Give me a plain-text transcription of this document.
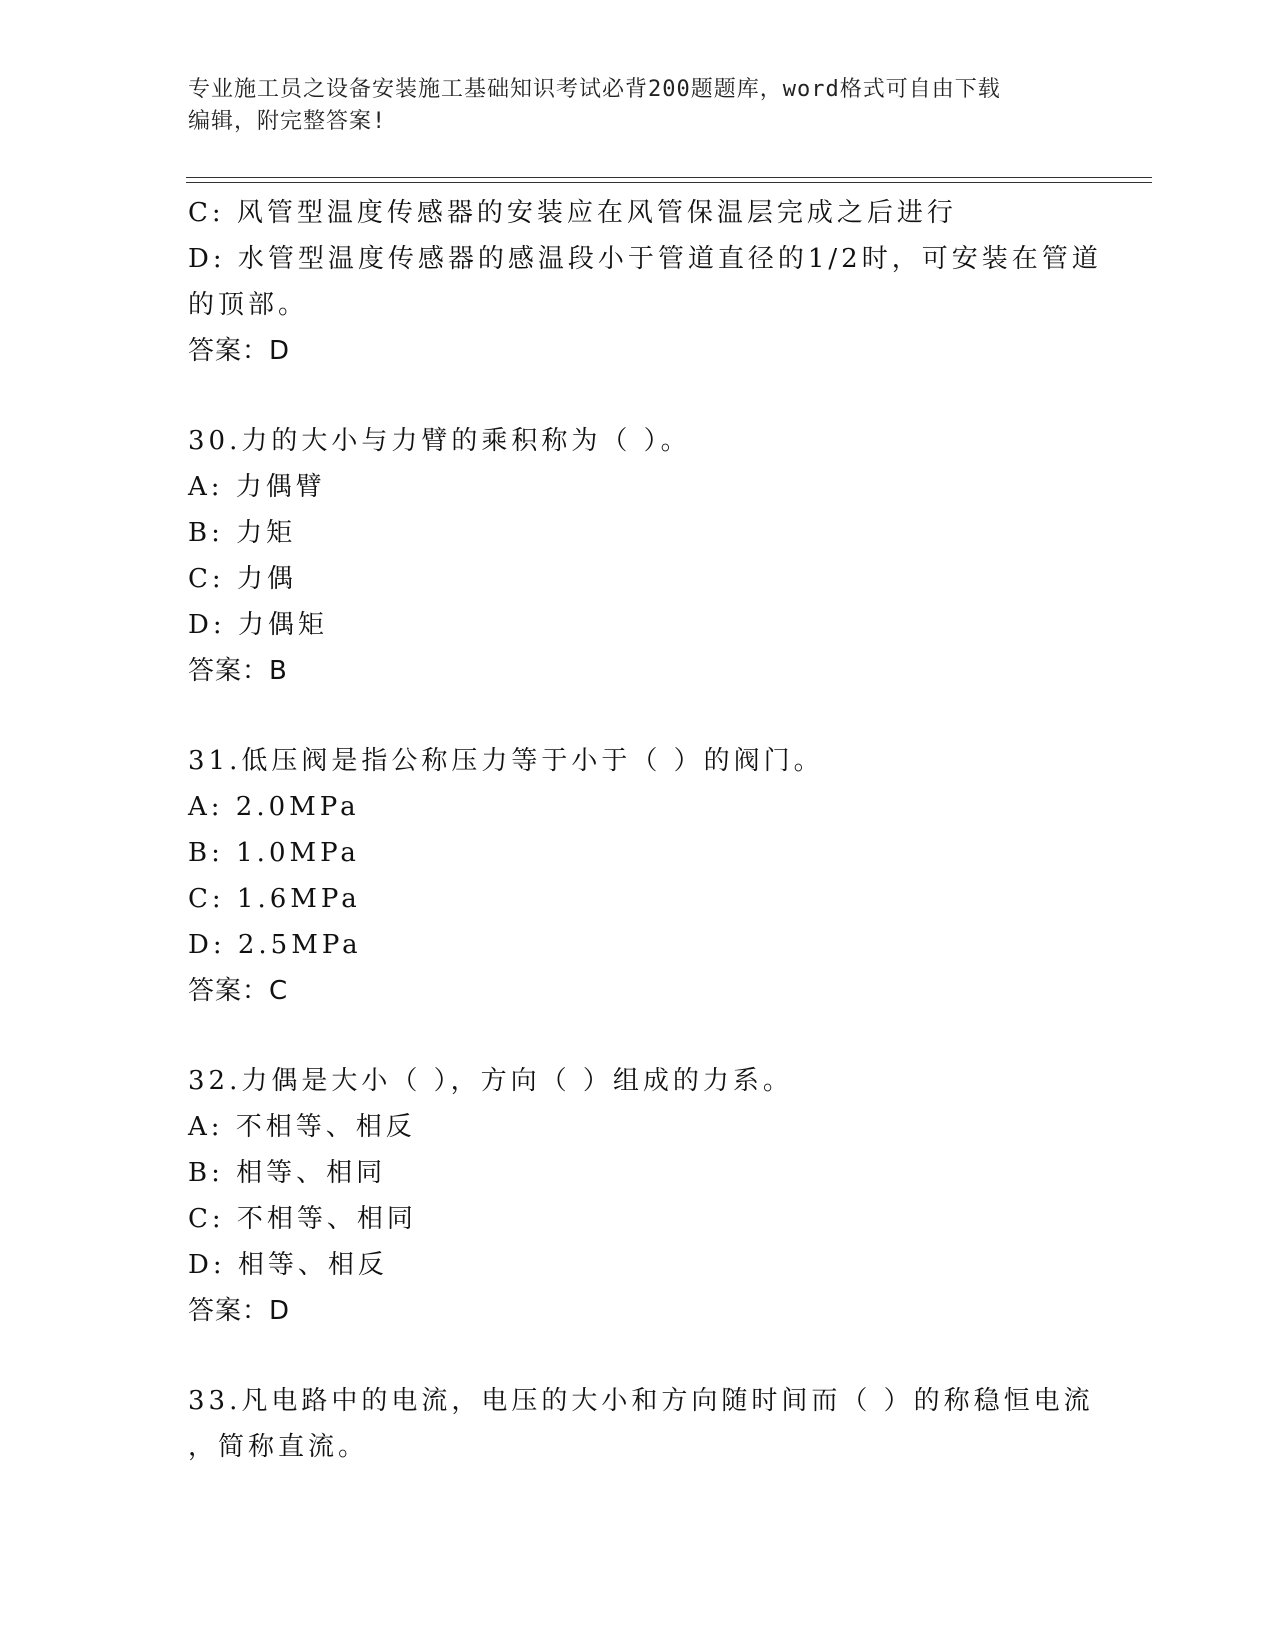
专业施工员之设备安装施工基础知识考试必背200题题库，word格式可自由下载
编辑，附完整答案!
C: 风管型温度传感器的安装应在风管保温层完成之后进行
D: 水管型温度传感器的感温段小于管道直径的1/2时，可安装在管道
的顶部。
答案：D
30.力的大小与力臂的乘积称为（ ）。
A: 力偶臂
B: 力矩
C: 力偶
D: 力偶矩
答案：B
31.低压阀是指公称压力等于小于（ ）的阀门。
A: 2.0MPa
B: 1.0MPa
C: 1.6MPa
D: 2.5MPa
答案：C
32.力偶是大小（ ），方向（ ）组成的力系。
A: 不相等、相反
B: 相等、相同
C: 不相等、相同
D: 相等、相反
答案：D
33.凡电路中的电流，电压的大小和方向随时间而（ ）的称稳恒电流
，简称直流。
